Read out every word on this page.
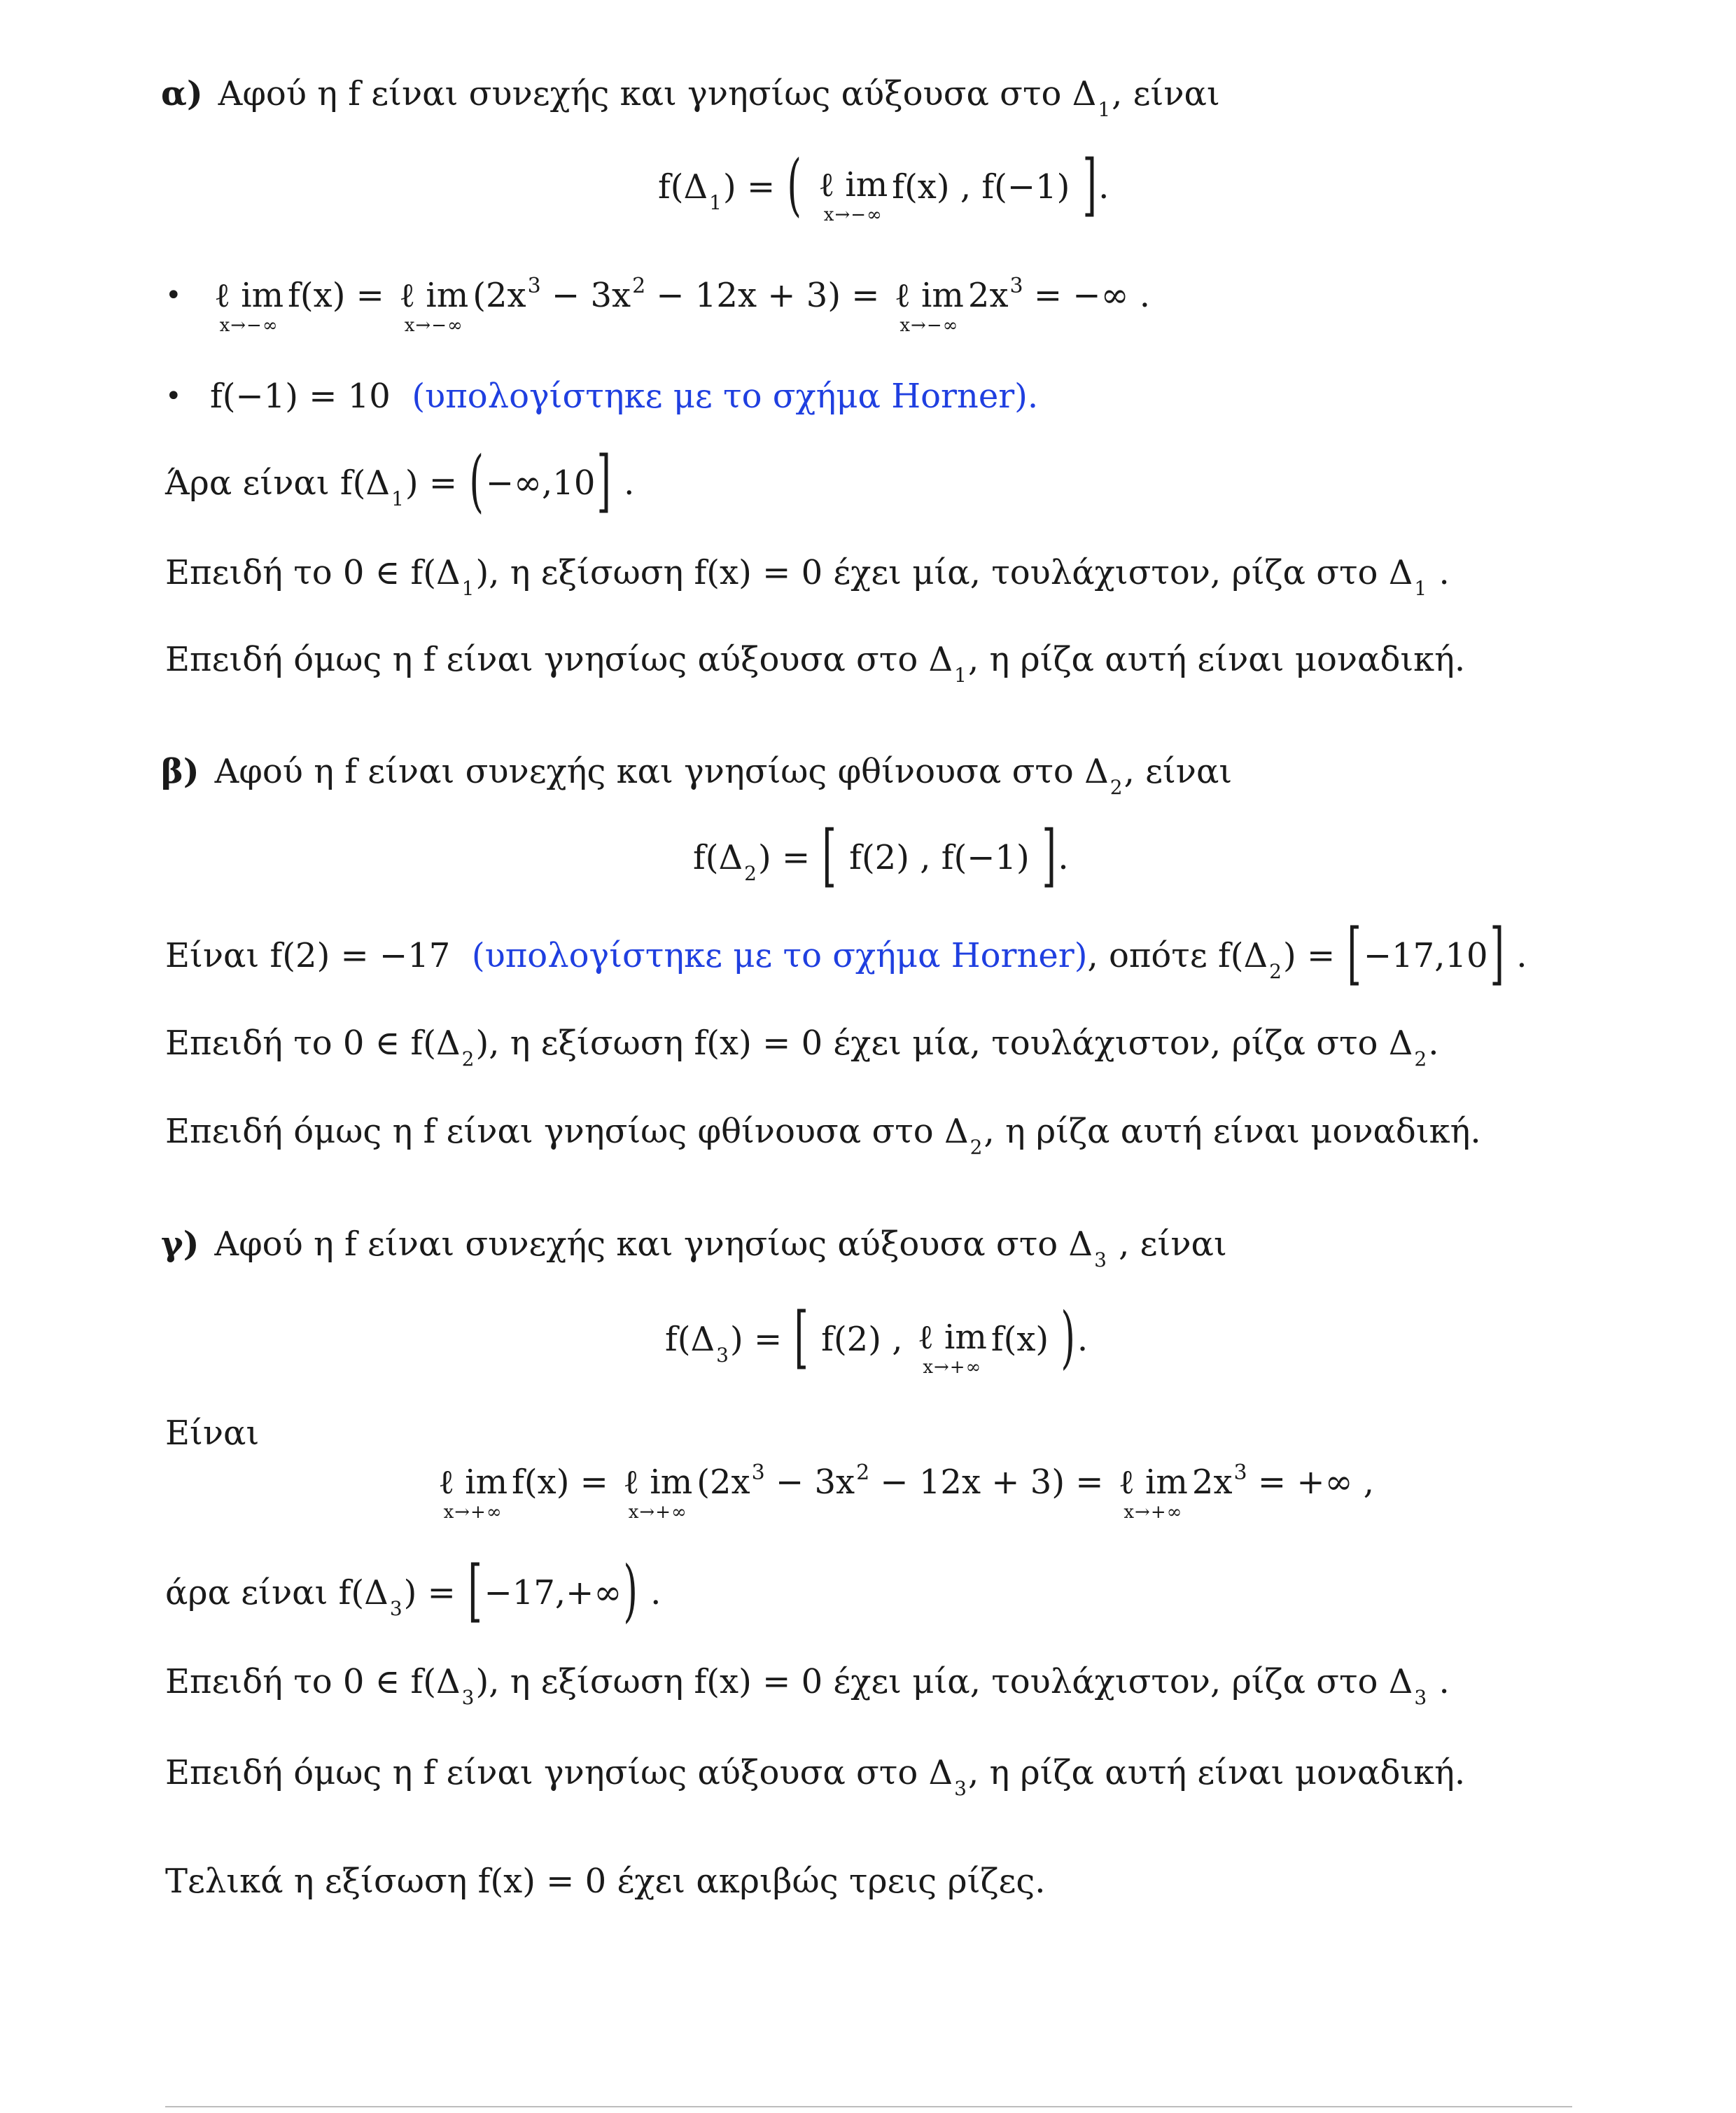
α) Αφού η f είναι συνεχής και γνησίως αύξουσα στο $\Delta_1$, είναι
$f(\Delta_1)$ = ( ℓ im
x→−∞
f(x) , f(−1) ].
• ℓ im
x→−∞
f(x) = ℓ im
x→−∞
$(2x^3 - 3x^2 - 12x + 3)$ = ℓ im
x→−∞
$2x^3$ = −∞ .
• f(−1) = 10 (υπολογίστηκε με το σχήμα Horner).
Άρα είναι $f(\Delta_1) = (-\infty,10]$ .
Επειδή το 0 ∈ $f(\Delta_1)$, η εξίσωση f(x) = 0 έχει μία, τουλάχιστον, ρίζα στο $\Delta_1$ .
Επειδή όμως η f είναι γνησίως αύξουσα στο $\Delta_1$, η ρίζα αυτή είναι μοναδική.
β) Αφού η f είναι συνεχής και γνησίως φθίνουσα στο $\Delta_2$, είναι
$f(\Delta_2)$ = [ f(2) , f(−1) ].
Είναι f(2) = −17 (υπολογίστηκε με το σχήμα Horner), οπότε $f(\Delta_2) = [-17,10]$ .
Επειδή το 0 ∈ $f(\Delta_2)$, η εξίσωση f(x) = 0 έχει μία, τουλάχιστον, ρίζα στο $\Delta_2$.
Επειδή όμως η f είναι γνησίως φθίνουσα στο $\Delta_2$, η ρίζα αυτή είναι μοναδική.
γ) Αφού η f είναι συνεχής και γνησίως αύξουσα στο $\Delta_3$ , είναι
$f(\Delta_3)$ = [ f(2) , ℓ im
x→+∞
f(x) ).
Είναι
ℓ im
x→+∞
f(x) = ℓ im
x→+∞
$(2x^3 - 3x^2 - 12x + 3)$ = ℓ im
x→+∞
$2x^3$ = +∞ ,
άρα είναι $f(\Delta_3) = [-17,+\infty)$ .
Επειδή το 0 ∈ $f(\Delta_3)$, η εξίσωση f(x) = 0 έχει μία, τουλάχιστον, ρίζα στο $\Delta_3$ .
Επειδή όμως η f είναι γνησίως αύξουσα στο $\Delta_3$, η ρίζα αυτή είναι μοναδική.
Τελικά η εξίσωση f(x) = 0 έχει ακριβώς τρεις ρίζες.
